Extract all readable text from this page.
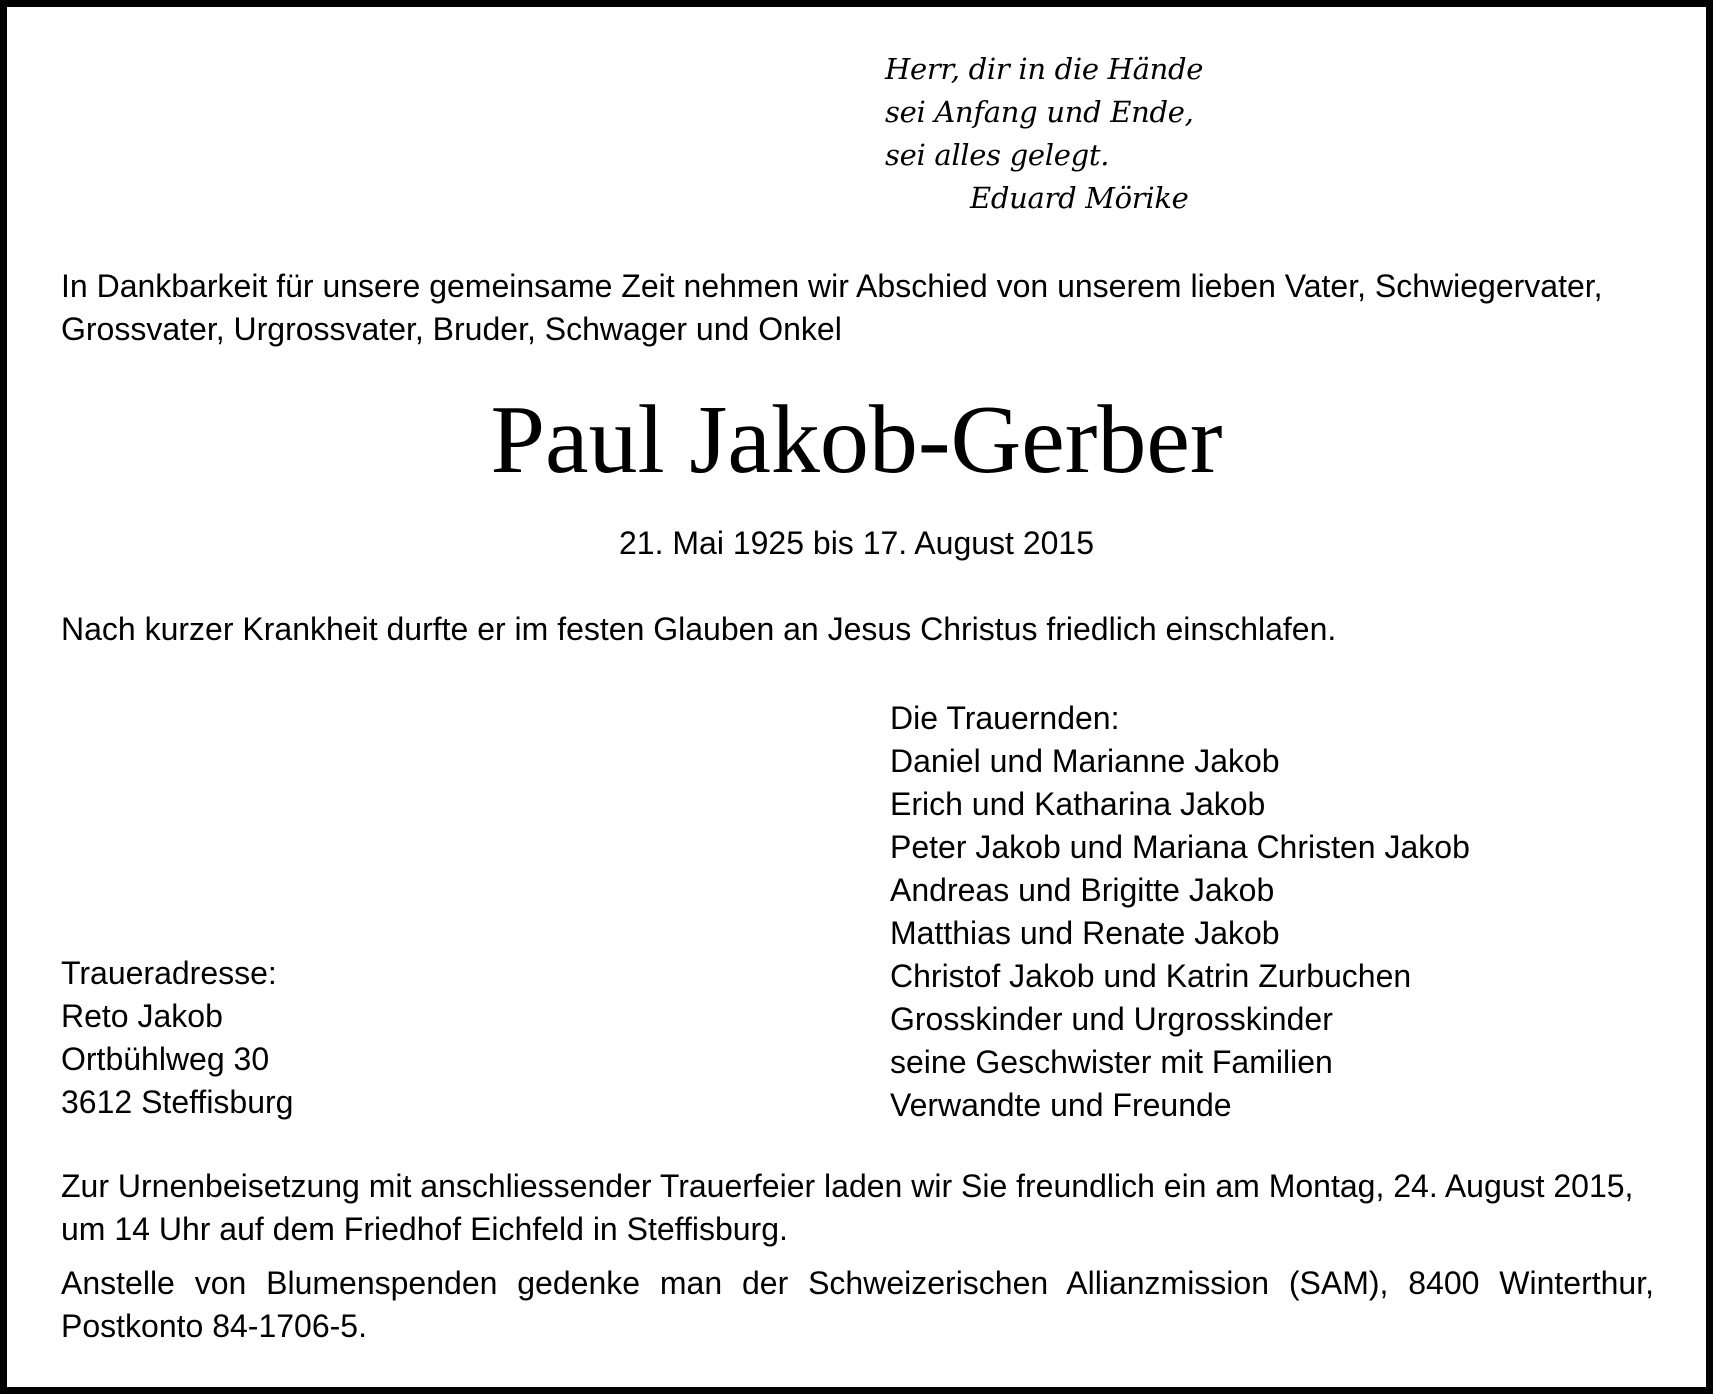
Herr, dir in die Hände
sei Anfang und Ende,
sei alles gelegt.
Eduard Mörike

In Dankbarkeit für unsere gemeinsame Zeit nehmen wir Abschied von unserem lieben Vater, Schwiegervater, Grossvater, Urgrossvater, Bruder, Schwager und Onkel

Paul Jakob-Gerber

21. Mai 1925 bis 17. August 2015

Nach kurzer Krankheit durfte er im festen Glauben an Jesus Christus friedlich einschlafen.

Die Trauernden:
Daniel und Marianne Jakob
Erich und Katharina Jakob
Peter Jakob und Mariana Christen Jakob
Andreas und Brigitte Jakob
Matthias und Renate Jakob
Christof Jakob und Katrin Zurbuchen
Grosskinder und Urgrosskinder
seine Geschwister mit Familien
Verwandte und Freunde
Traueradresse:
Reto Jakob
Ortbühlweg 30
3612 Steffisburg

Zur Urnenbeisetzung mit anschliessender Trauerfeier laden wir Sie freundlich ein am Montag, 24. August 2015, um 14 Uhr auf dem Friedhof Eichfeld in Steffisburg.

Anstelle von Blumenspenden gedenke man der Schweizerischen Allianzmission (SAM), 8400 Winterthur, Postkonto 84-1706-5.
